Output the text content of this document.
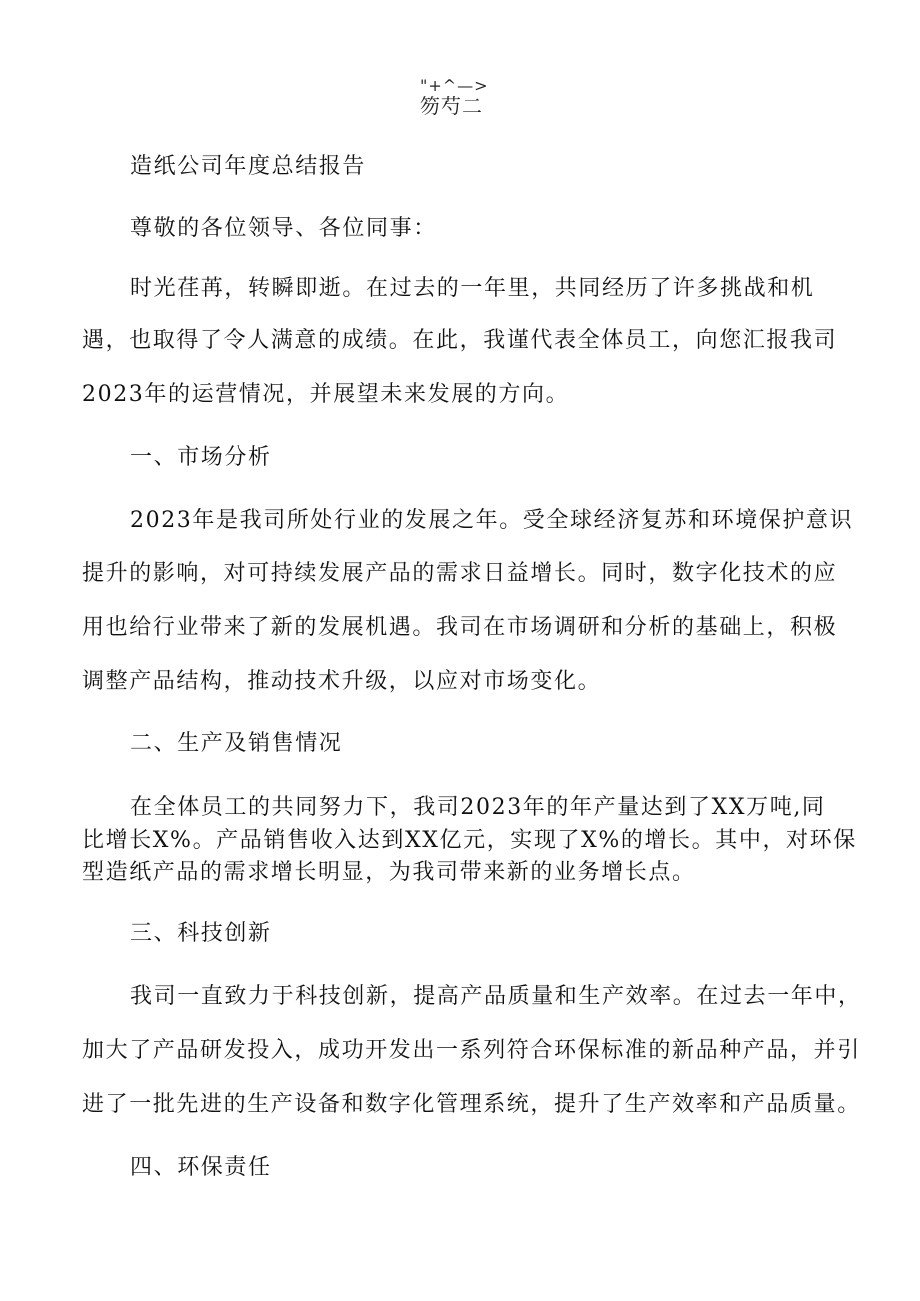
"+^—>
笏芍二
造纸公司年度总结报告
尊敬的各位领导、各位同事：
时光荏苒，转瞬即逝。在过去的一年里，共同经历了许多挑战和机
遇，也取得了令人满意的成绩。在此，我谨代表全体员工，向您汇报我司
2023年的运营情况，并展望未来发展的方向。
一、市场分析
2023年是我司所处行业的发展之年。受全球经济复苏和环境保护意识
提升的影响，对可持续发展产品的需求日益增长。同时，数字化技术的应
用也给行业带来了新的发展机遇。我司在市场调研和分析的基础上，积极
调整产品结构，推动技术升级，以应对市场变化。
二、生产及销售情况
在全体员工的共同努力下，我司2023年的年产量达到了XX万吨,同
比增长X%。产品销售收入达到XX亿元，实现了X%的增长。其中，对环保
型造纸产品的需求增长明显，为我司带来新的业务增长点。
三、科技创新
我司一直致力于科技创新，提高产品质量和生产效率。在过去一年中，
加大了产品研发投入，成功开发出一系列符合环保标准的新品种产品，并引
进了一批先进的生产设备和数字化管理系统，提升了生产效率和产品质量。
四、环保责任
